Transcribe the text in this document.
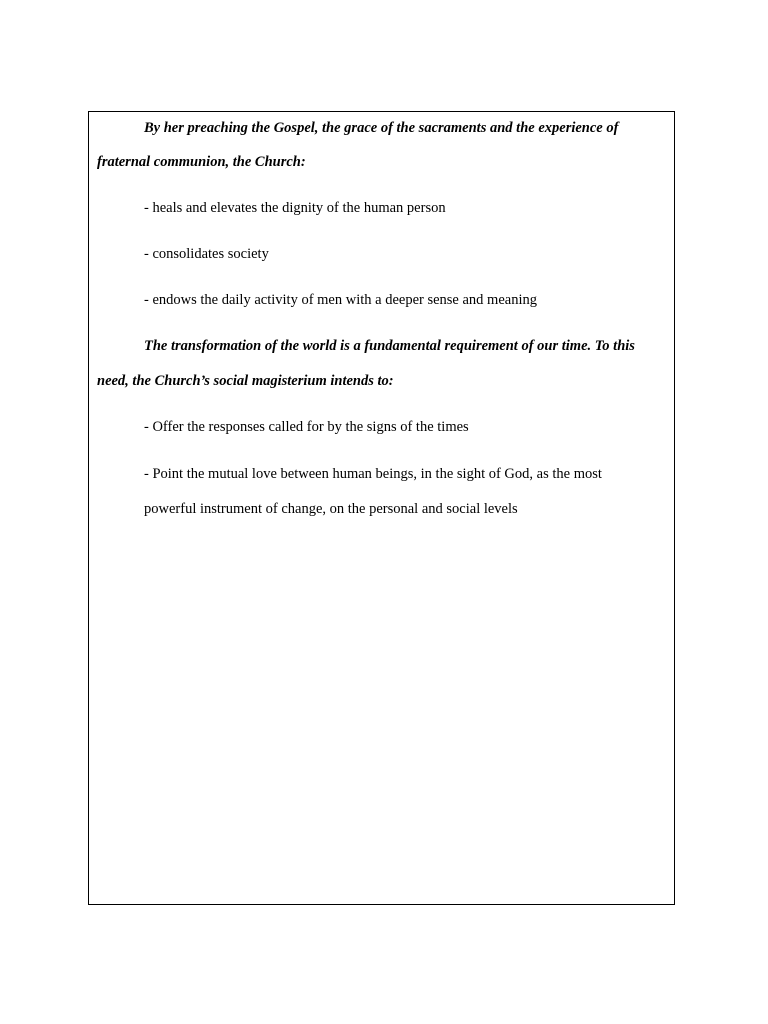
By her preaching the Gospel, the grace of the sacraments and the experience of

fraternal communion, the Church:

- heals and elevates the dignity of the human person

- consolidates society

- endows the daily activity of men with a deeper sense and meaning

The transformation of the world is a fundamental requirement of our time. To this

need, the Church’s social magisterium intends to:

- Offer the responses called for by the signs of the times

- Point the mutual love between human beings, in the sight of God, as the most

powerful instrument of change, on the personal and social levels
